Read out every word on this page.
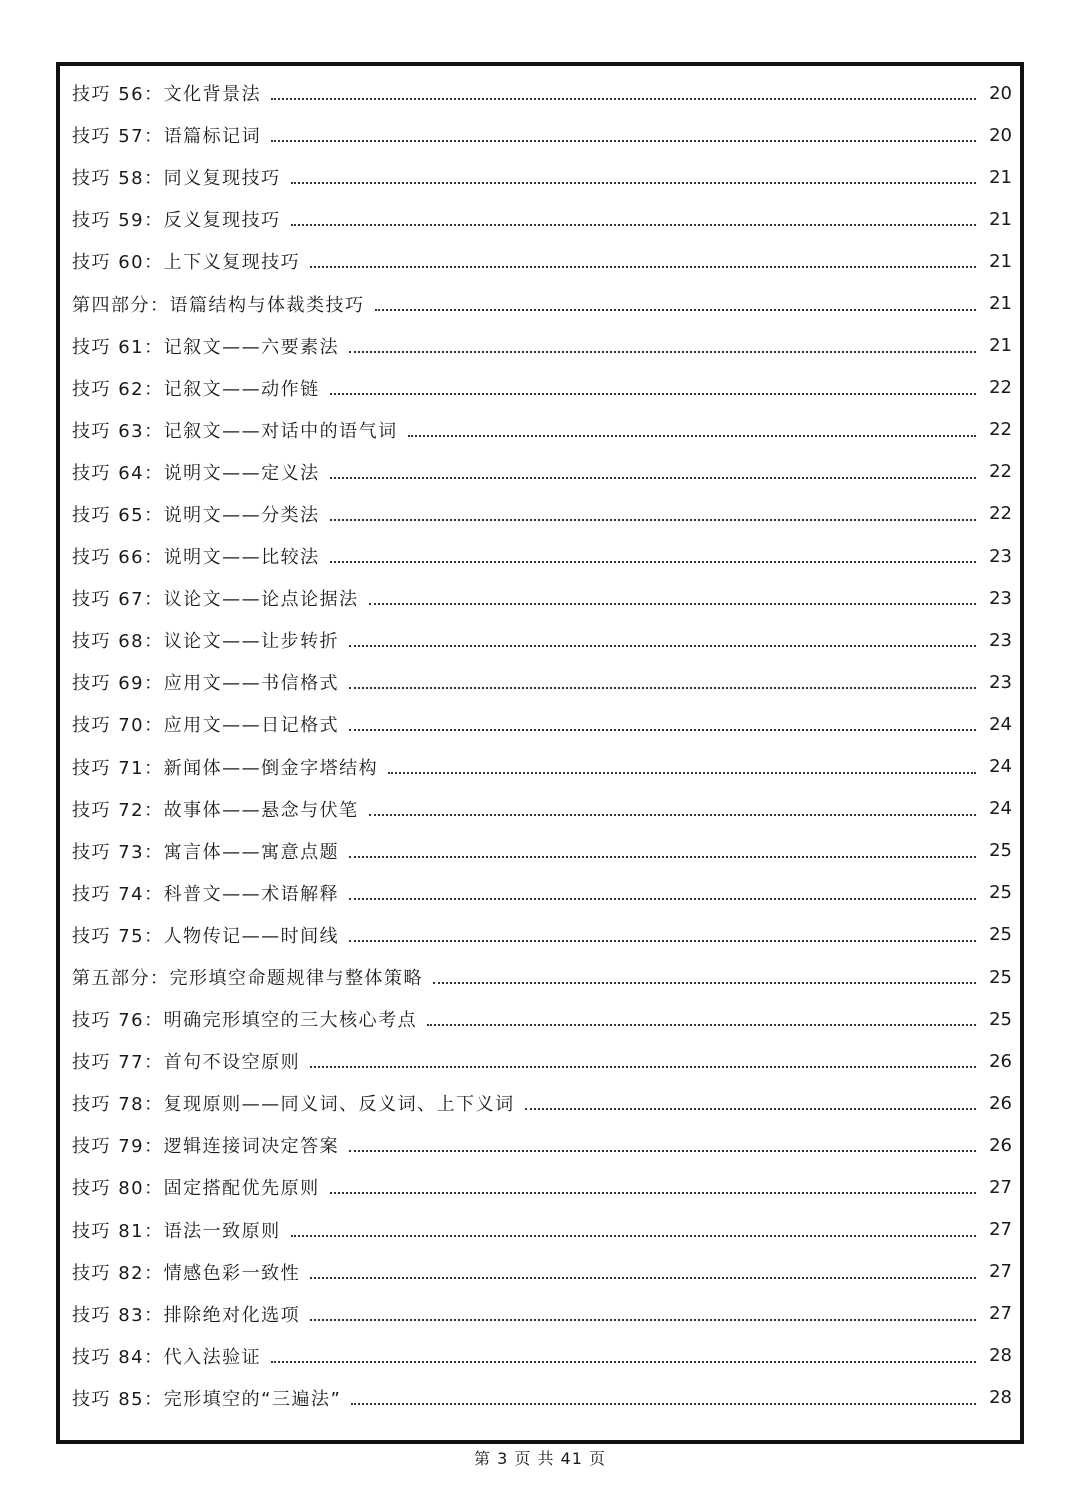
技巧 56：文化背景法	20
技巧 57：语篇标记词	20
技巧 58：同义复现技巧	21
技巧 59：反义复现技巧	21
技巧 60：上下义复现技巧	21
第四部分：语篇结构与体裁类技巧	21
技巧 61：记叙文——六要素法	21
技巧 62：记叙文——动作链	22
技巧 63：记叙文——对话中的语气词	22
技巧 64：说明文——定义法	22
技巧 65：说明文——分类法	22
技巧 66：说明文——比较法	23
技巧 67：议论文——论点论据法	23
技巧 68：议论文——让步转折	23
技巧 69：应用文——书信格式	23
技巧 70：应用文——日记格式	24
技巧 71：新闻体——倒金字塔结构	24
技巧 72：故事体——悬念与伏笔	24
技巧 73：寓言体——寓意点题	25
技巧 74：科普文——术语解释	25
技巧 75：人物传记——时间线	25
第五部分：完形填空命题规律与整体策略	25
技巧 76：明确完形填空的三大核心考点	25
技巧 77：首句不设空原则	26
技巧 78：复现原则——同义词、反义词、上下义词	26
技巧 79：逻辑连接词决定答案	26
技巧 80：固定搭配优先原则	27
技巧 81：语法一致原则	27
技巧 82：情感色彩一致性	27
技巧 83：排除绝对化选项	27
技巧 84：代入法验证	28
技巧 85：完形填空的“三遍法”	28
第 3 页 共 41 页
